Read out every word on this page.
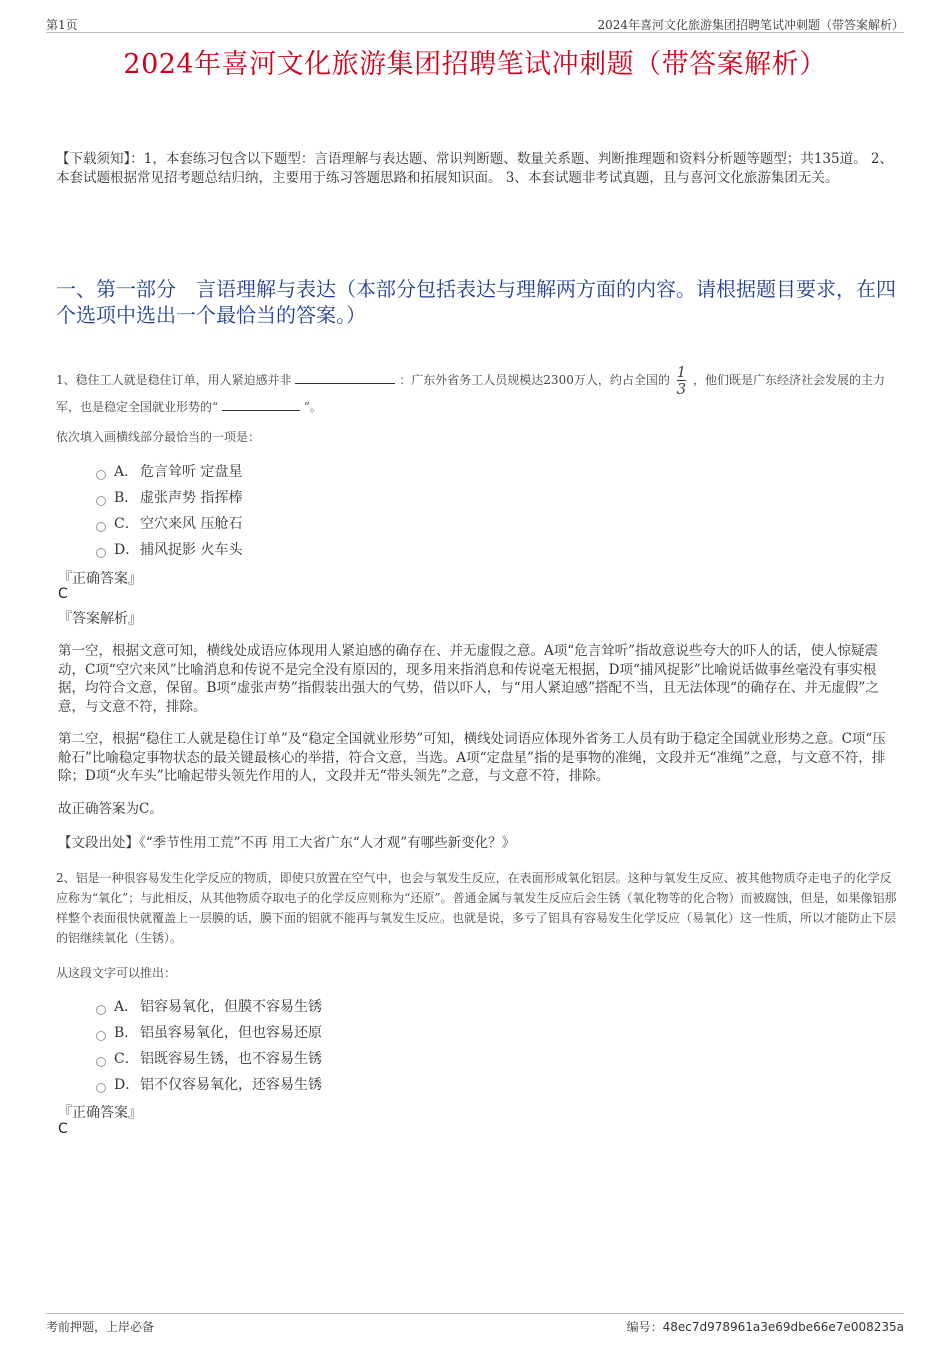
第1页	2024年喜河文化旅游集团招聘笔试冲刺题（带答案解析）
2024年喜河文化旅游集团招聘笔试冲刺题（带答案解析）
【下载须知】：1，本套练习包含以下题型：言语理解与表达题、常识判断题、数量关系题、判断推理题和资料分析题等题型；共135道。 2、本套试题根据常见招考题总结归纳，主要用于练习答题思路和拓展知识面。 3、本套试题非考试真题，且与喜河文化旅游集团无关。
一、第一部分　言语理解与表达（本部分包括表达与理解两方面的内容。请根据题目要求，在四个选项中选出一个最恰当的答案。）
1、稳住工人就是稳住订单，用人紧迫感并非	：广东外省务工人员规模达2300万人，约占全国的 $\frac{1}{3}$ ，他们既是广东经济社会发展的主力军，也是稳定全国就业形势的“	”。
依次填入画横线部分最恰当的一项是：
A． 危言耸听 定盘星
B． 虚张声势 指挥棒
C．空穴来风 压舱石
D．捕风捉影 火车头
『正确答案』
C
『答案解析』
第一空，根据文意可知，横线处成语应体现用人紧迫感的确存在、并无虚假之意。A项“危言耸听”指故意说些夸大的吓人的话，使人惊疑震动，C项“空穴来风”比喻消息和传说不是完全没有原因的，现多用来指消息和传说毫无根据，D项“捕风捉影”比喻说话做事丝毫没有事实根据，均符合文意，保留。B项“虚张声势”指假装出强大的气势，借以吓人，与“用人紧迫感”搭配不当，且无法体现“的确存在、并无虚假”之意，与文意不符，排除。
第二空，根据“稳住工人就是稳住订单”及“稳定全国就业形势”可知，横线处词语应体现外省务工人员有助于稳定全国就业形势之意。C项“压舱石”比喻稳定事物状态的最关键最核心的举措，符合文意，当选。A项“定盘星”指的是事物的准绳，文段并无“准绳”之意，与文意不符，排除；D项“火车头”比喻起带头领先作用的人，文段并无“带头领先”之意，与文意不符，排除。
故正确答案为C。
【文段出处】《“季节性用工荒”不再 用工大省广东“人才观”有哪些新变化？》
2、铝是一种很容易发生化学反应的物质，即使只放置在空气中，也会与氧发生反应，在表面形成氧化铝层。这种与氧发生反应、被其他物质夺走电子的化学反应称为“氧化”；与此相反，从其他物质夺取电子的化学反应则称为“还原”。普通金属与氧发生反应后会生锈（氧化物等的化合物）而被腐蚀，但是，如果像铝那样整个表面很快就覆盖上一层膜的话，膜下面的铝就不能再与氧发生反应。也就是说，多亏了铝具有容易发生化学反应（易氧化）这一性质，所以才能防止下层的铝继续氧化（生锈）。
从这段文字可以推出：
A． 铝容易氧化，但膜不容易生锈
B． 铝虽容易氧化，但也容易还原
C．铝既容易生锈，也不容易生锈
D．铝不仅容易氧化，还容易生锈
『正确答案』
C
考前押题，上岸必备	编号：48ec7d978961a3e69dbe66e7e008235a
